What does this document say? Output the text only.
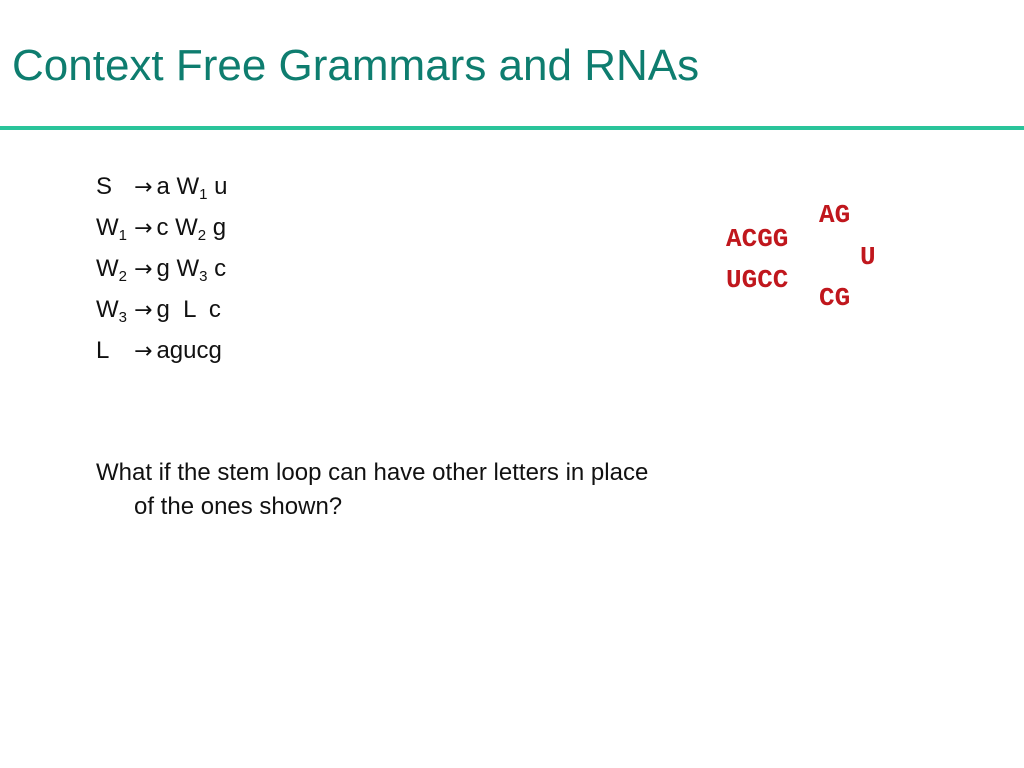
Context Free Grammars and RNAs
S → a $W_1$ u
$W_1 \to c$ $W_2$ g
$W_2 \to g$ $W_3$ c
$W_3 \to g$  L  c
L → agucg
AG
ACGG
U
UGCC
CG
What if the stem loop can have other letters in place
of the ones shown?
